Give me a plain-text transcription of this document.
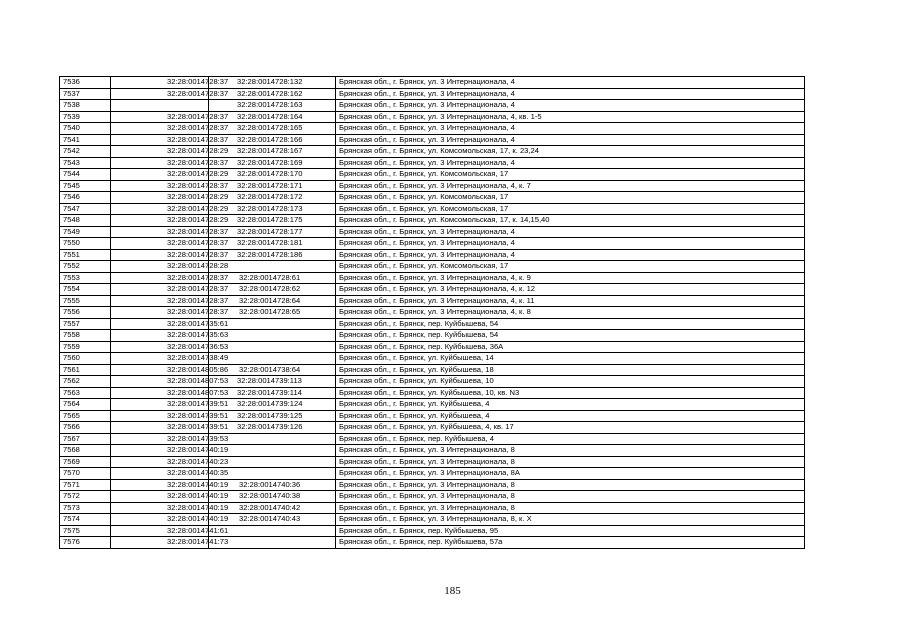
7536	32:28:0014728:37	32:28:0014728:132	Брянская обл., г. Брянск, ул. 3 Интернационала, 4
7537	32:28:0014728:37	32:28:0014728:162	Брянская обл., г. Брянск, ул. 3 Интернационала, 4
7538		32:28:0014728:163	Брянская обл., г. Брянск, ул. 3 Интернационала, 4
7539	32:28:0014728:37	32:28:0014728:164	Брянская обл., г. Брянск, ул. 3 Интернационала, 4, кв. 1-5
7540	32:28:0014728:37	32:28:0014728:165	Брянская обл., г. Брянск, ул. 3 Интернационала, 4
7541	32:28:0014728:37	32:28:0014728:166	Брянская обл., г. Брянск, ул. 3 Интернационала, 4
7542	32:28:0014728:29	32:28:0014728:167	Брянская обл., г. Брянск, ул. Комсомольская, 17, к. 23,24
7543	32:28:0014728:37	32:28:0014728:169	Брянская обл., г. Брянск, ул. 3 Интернационала, 4
7544	32:28:0014728:29	32:28:0014728:170	Брянская обл., г. Брянск, ул. Комсомольская, 17
7545	32:28:0014728:37	32:28:0014728:171	Брянская обл., г. Брянск, ул. 3 Интернационала, 4, к. 7
7546	32:28:0014728:29	32:28:0014728:172	Брянская обл., г. Брянск, ул. Комсомольская, 17
7547	32:28:0014728:29	32:28:0014728:173	Брянская обл., г. Брянск, ул. Комсомольская, 17
7548	32:28:0014728:29	32:28:0014728:175	Брянская обл., г. Брянск, ул. Комсомольская, 17, к. 14,15,40
7549	32:28:0014728:37	32:28:0014728:177	Брянская обл., г. Брянск, ул. 3 Интернационала, 4
7550	32:28:0014728:37	32:28:0014728:181	Брянская обл., г. Брянск, ул. 3 Интернационала, 4
7551	32:28:0014728:37	32:28:0014728:186	Брянская обл., г. Брянск, ул. 3 Интернационала, 4
7552	32:28:0014728:28		Брянская обл., г. Брянск, ул. Комсомольская, 17
7553	32:28:0014728:37	32:28:0014728:61	Брянская обл., г. Брянск, ул. 3 Интернационала, 4, к. 9
7554	32:28:0014728:37	32:28:0014728:62	Брянская обл., г. Брянск, ул. 3 Интернационала, 4, к. 12
7555	32:28:0014728:37	32:28:0014728:64	Брянская обл., г. Брянск, ул. 3 Интернационала, 4, к. 11
7556	32:28:0014728:37	32:28:0014728:65	Брянская обл., г. Брянск, ул. 3 Интернационала, 4, к. 8
7557	32:28:0014735:61		Брянская обл., г. Брянск, пер. Куйбышева, 54
7558	32:28:0014735:63		Брянская обл., г. Брянск, пер. Куйбышева, 54
7559	32:28:0014736:53		Брянская обл., г. Брянск, пер. Куйбышева, 36А
7560	32:28:0014738:49		Брянская обл., г. Брянск, ул. Куйбышева, 14
7561	32:28:0014805:86	32:28:0014738:64	Брянская обл., г. Брянск, ул. Куйбышева, 18
7562	32:28:0014807:53	32:28:0014739:113	Брянская обл., г. Брянск, ул. Куйбышева, 10
7563	32:28:0014807:53	32:28:0014739:114	Брянская обл., г. Брянск, ул. Куйбышева, 10, кв. N3
7564	32:28:0014739:51	32:28:0014739:124	Брянская обл., г. Брянск, ул. Куйбышева, 4
7565	32:28:0014739:51	32:28:0014739:125	Брянская обл., г. Брянск, ул. Куйбышева, 4
7566	32:28:0014739:51	32:28:0014739:126	Брянская обл., г. Брянск, ул. Куйбышева, 4, кв. 17
7567	32:28:0014739:53		Брянская обл., г. Брянск, пер. Куйбышева, 4
7568	32:28:0014740:19		Брянская обл., г. Брянск, ул. 3 Интернационала, 8
7569	32:28:0014740:23		Брянская обл., г. Брянск, ул. 3 Интернационала, 8
7570	32:28:0014740:35		Брянская обл., г. Брянск, ул. 3 Интернационала, 8А
7571	32:28:0014740:19	32:28:0014740:36	Брянская обл., г. Брянск, ул. 3 Интернационала, 8
7572	32:28:0014740:19	32:28:0014740:38	Брянская обл., г. Брянск, ул. 3 Интернационала, 8
7573	32:28:0014740:19	32:28:0014740:42	Брянская обл., г. Брянск, ул. 3 Интернационала, 8
7574	32:28:0014740:19	32:28:0014740:43	Брянская обл., г. Брянск, ул. 3 Интернационала, 8, к. X
7575	32:28:0014741:61		Брянская обл., г. Брянск, пер. Куйбышева, 95
7576	32:28:0014741:73		Брянская обл., г. Брянск, пер. Куйбышева, 57а
185
